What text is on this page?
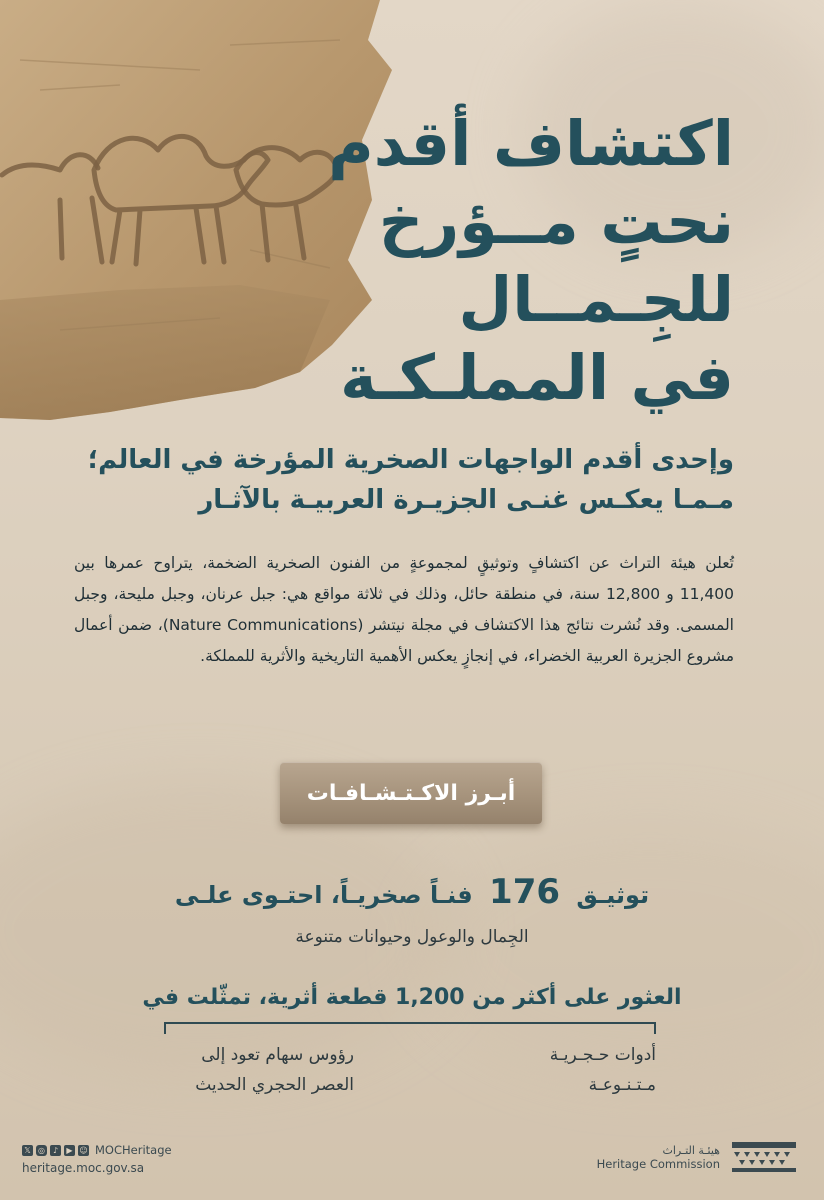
اكتشاف أقدم
نحتٍ مــؤرخ
للجِـمــال
في المملـكـة
وإحدى أقدم الواجهات الصخرية المؤرخة في العالم؛
مـمـا يعكـس غنـى الجزيـرة العربيـة بالآثـار
تُعلن هيئة التراث عن اكتشافٍ وتوثيقٍ لمجموعةٍ من الفنون الصخرية الضخمة، يتراوح عمرها بين 11,400 و 12,800 سنة، في منطقة حائل، وذلك في ثلاثة مواقع هي: جبل عرنان، وجبل مليحة، وجبل المسمى. وقد نُشرت نتائج هذا الاكتشاف في مجلة نيتشر (Nature Communications)، ضمن أعمال مشروع الجزيرة العربية الخضراء، في إنجازٍ يعكس الأهمية التاريخية والأثرية للمملكة.
أبـرز الاكـتـشـافـات
توثيـق 176 فنـاً صخريـاً، احتـوى علـى
الجِمال والوعول وحيوانات متنوعة
العثور على أكثر من 1,200 قطعة أثرية، تمثّلت في
أدوات حـجـريـة
مـتـنـوعـة
رؤوس سهام تعود إلى
العصر الحجري الحديث
𝕏 ◎ ♪	▶ ☺ MOCHeritage
heritage.moc.gov.sa
هيئـة التـراث
Heritage Commission
